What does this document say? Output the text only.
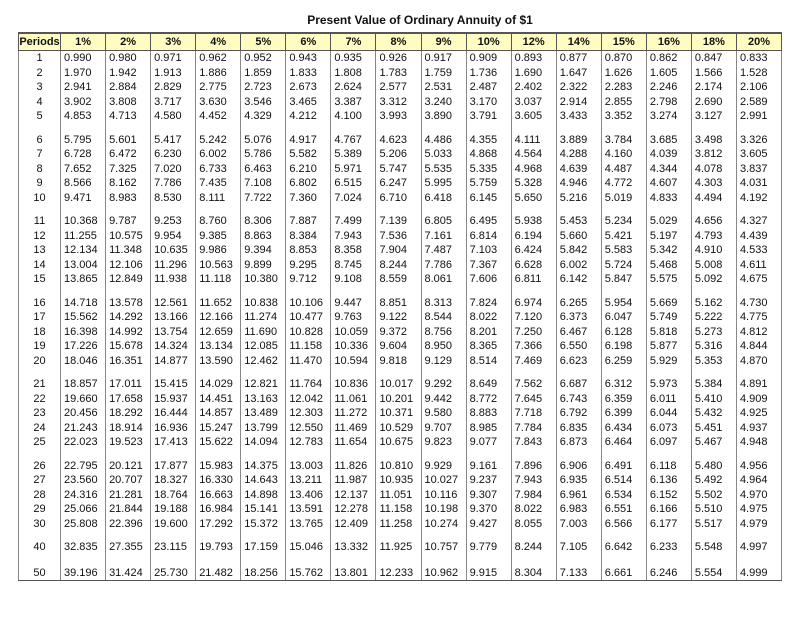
Present Value of Ordinary Annuity of $1
Periods	1%	2%	3%	4%	5%	6%	7%	8%	9%	10%	12%	14%	15%	16%	18%	20%
1	0.990	0.980	0.971	0.962	0.952	0.943	0.935	0.926	0.917	0.909	0.893	0.877	0.870	0.862	0.847	0.833
2	1.970	1.942	1.913	1.886	1.859	1.833	1.808	1.783	1.759	1.736	1.690	1.647	1.626	1.605	1.566	1.528
3	2.941	2.884	2.829	2.775	2.723	2.673	2.624	2.577	2.531	2.487	2.402	2.322	2.283	2.246	2.174	2.106
4	3.902	3.808	3.717	3.630	3.546	3.465	3.387	3.312	3.240	3.170	3.037	2.914	2.855	2.798	2.690	2.589
5	4.853	4.713	4.580	4.452	4.329	4.212	4.100	3.993	3.890	3.791	3.605	3.433	3.352	3.274	3.127	2.991

6	5.795	5.601	5.417	5.242	5.076	4.917	4.767	4.623	4.486	4.355	4.111	3.889	3.784	3.685	3.498	3.326
7	6.728	6.472	6.230	6.002	5.786	5.582	5.389	5.206	5.033	4.868	4.564	4.288	4.160	4.039	3.812	3.605
8	7.652	7.325	7.020	6.733	6.463	6.210	5.971	5.747	5.535	5.335	4.968	4.639	4.487	4.344	4.078	3.837
9	8.566	8.162	7.786	7.435	7.108	6.802	6.515	6.247	5.995	5.759	5.328	4.946	4.772	4.607	4.303	4.031
10	9.471	8.983	8.530	8.111	7.722	7.360	7.024	6.710	6.418	6.145	5.650	5.216	5.019	4.833	4.494	4.192

11	10.368	9.787	9.253	8.760	8.306	7.887	7.499	7.139	6.805	6.495	5.938	5.453	5.234	5.029	4.656	4.327
12	11.255	10.575	9.954	9.385	8.863	8.384	7.943	7.536	7.161	6.814	6.194	5.660	5.421	5.197	4.793	4.439
13	12.134	11.348	10.635	9.986	9.394	8.853	8.358	7.904	7.487	7.103	6.424	5.842	5.583	5.342	4.910	4.533
14	13.004	12.106	11.296	10.563	9.899	9.295	8.745	8.244	7.786	7.367	6.628	6.002	5.724	5.468	5.008	4.611
15	13.865	12.849	11.938	11.118	10.380	9.712	9.108	8.559	8.061	7.606	6.811	6.142	5.847	5.575	5.092	4.675

16	14.718	13.578	12.561	11.652	10.838	10.106	9.447	8.851	8.313	7.824	6.974	6.265	5.954	5.669	5.162	4.730
17	15.562	14.292	13.166	12.166	11.274	10.477	9.763	9.122	8.544	8.022	7.120	6.373	6.047	5.749	5.222	4.775
18	16.398	14.992	13.754	12.659	11.690	10.828	10.059	9.372	8.756	8.201	7.250	6.467	6.128	5.818	5.273	4.812
19	17.226	15.678	14.324	13.134	12.085	11.158	10.336	9.604	8.950	8.365	7.366	6.550	6.198	5.877	5.316	4.844
20	18.046	16.351	14.877	13.590	12.462	11.470	10.594	9.818	9.129	8.514	7.469	6.623	6.259	5.929	5.353	4.870

21	18.857	17.011	15.415	14.029	12.821	11.764	10.836	10.017	9.292	8.649	7.562	6.687	6.312	5.973	5.384	4.891
22	19.660	17.658	15.937	14.451	13.163	12.042	11.061	10.201	9.442	8.772	7.645	6.743	6.359	6.011	5.410	4.909
23	20.456	18.292	16.444	14.857	13.489	12.303	11.272	10.371	9.580	8.883	7.718	6.792	6.399	6.044	5.432	4.925
24	21.243	18.914	16.936	15.247	13.799	12.550	11.469	10.529	9.707	8.985	7.784	6.835	6.434	6.073	5.451	4.937
25	22.023	19.523	17.413	15.622	14.094	12.783	11.654	10.675	9.823	9.077	7.843	6.873	6.464	6.097	5.467	4.948

26	22.795	20.121	17.877	15.983	14.375	13.003	11.826	10.810	9.929	9.161	7.896	6.906	6.491	6.118	5.480	4.956
27	23.560	20.707	18.327	16.330	14.643	13.211	11.987	10.935	10.027	9.237	7.943	6.935	6.514	6.136	5.492	4.964
28	24.316	21.281	18.764	16.663	14.898	13.406	12.137	11.051	10.116	9.307	7.984	6.961	6.534	6.152	5.502	4.970
29	25.066	21.844	19.188	16.984	15.141	13.591	12.278	11.158	10.198	9.370	8.022	6.983	6.551	6.166	5.510	4.975
30	25.808	22.396	19.600	17.292	15.372	13.765	12.409	11.258	10.274	9.427	8.055	7.003	6.566	6.177	5.517	4.979

40	32.835	27.355	23.115	19.793	17.159	15.046	13.332	11.925	10.757	9.779	8.244	7.105	6.642	6.233	5.548	4.997

50	39.196	31.424	25.730	21.482	18.256	15.762	13.801	12.233	10.962	9.915	8.304	7.133	6.661	6.246	5.554	4.999
